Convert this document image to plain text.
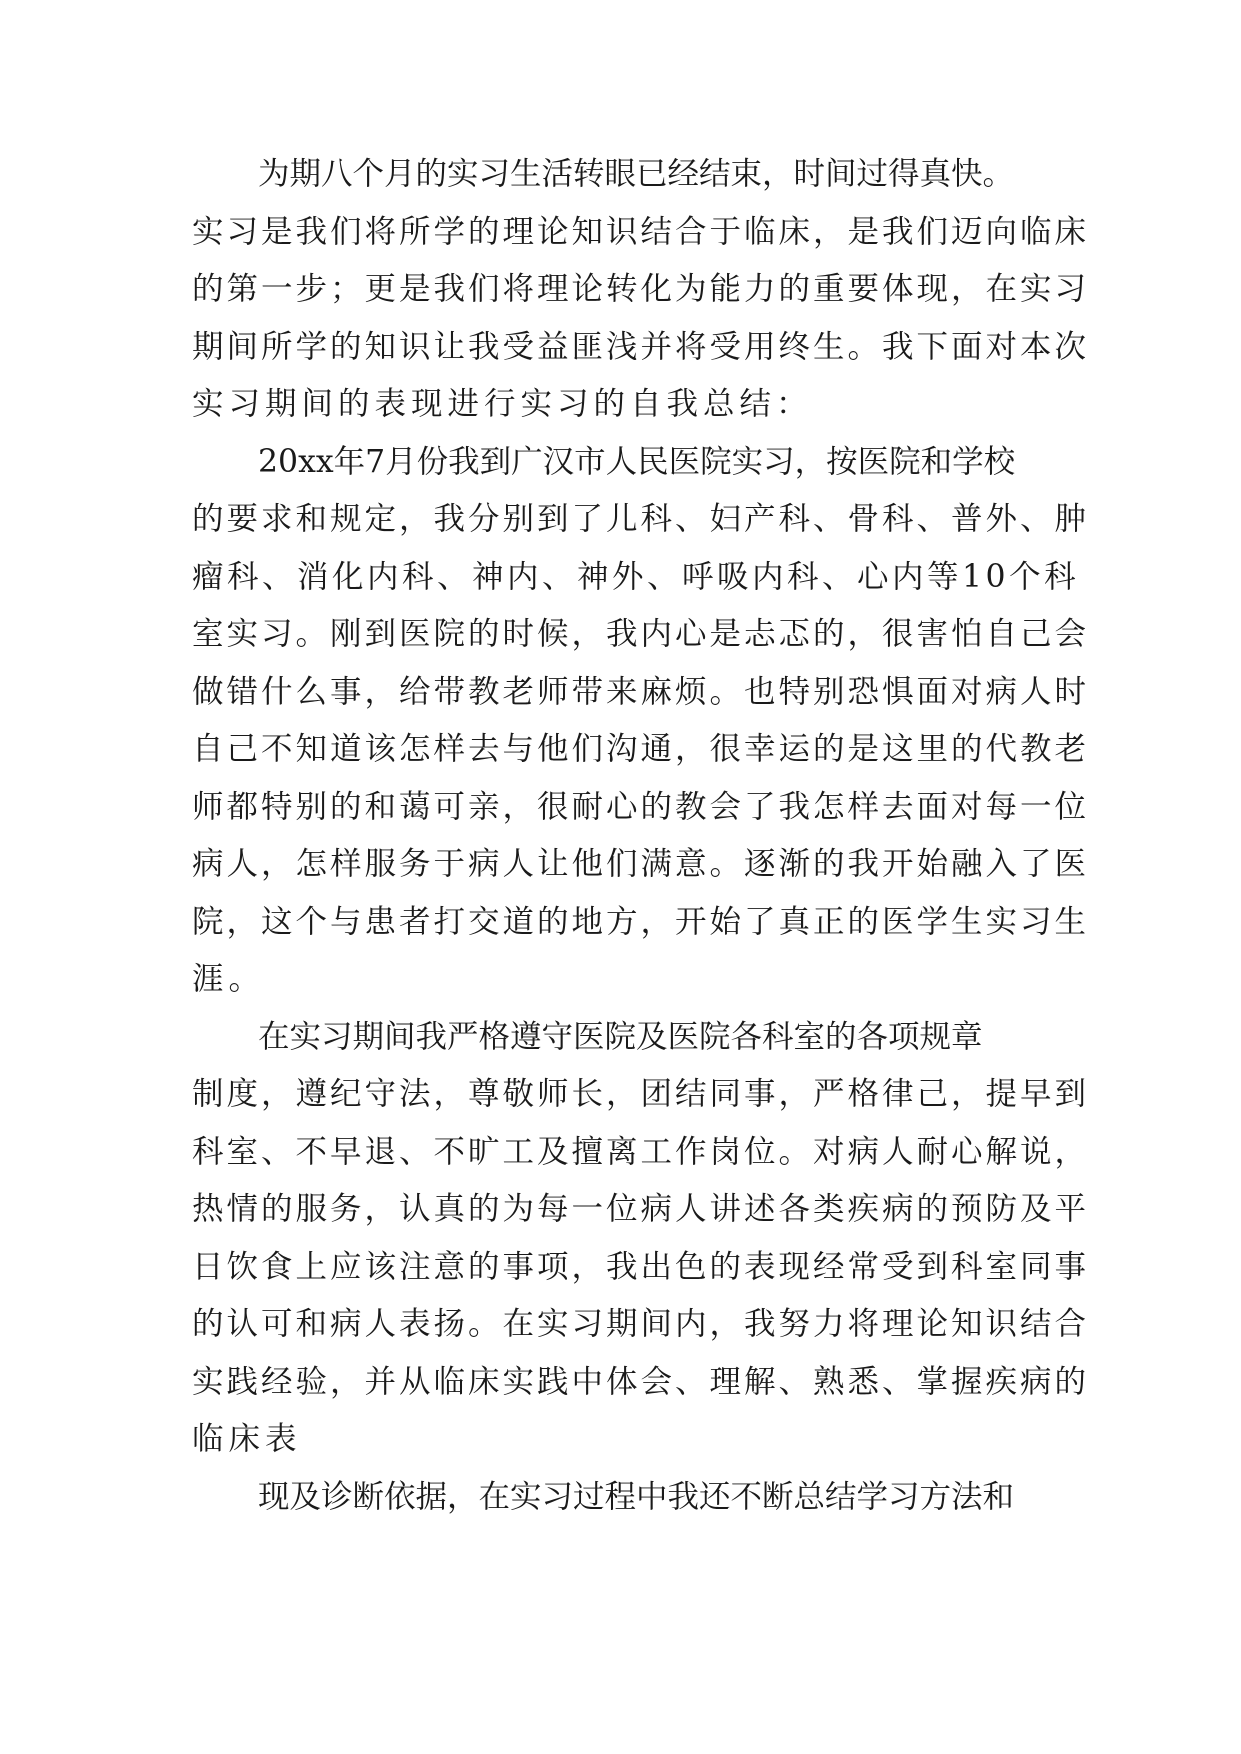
为期八个月的实习生活转眼已经结束，时间过得真快。
实习是我们将所学的理论知识结合于临床，是我们迈向临床
的第一步；更是我们将理论转化为能力的重要体现，在实习
期间所学的知识让我受益匪浅并将受用终生。我下面对本次
实习期间的表现进行实习的自我总结：
20xx年7月份我到广汉市人民医院实习，按医院和学校
的要求和规定，我分别到了儿科、妇产科、骨科、普外、肿
瘤科、消化内科、神内、神外、呼吸内科、心内等10个科
室实习。刚到医院的时候，我内心是忐忑的，很害怕自己会
做错什么事，给带教老师带来麻烦。也特别恐惧面对病人时
自己不知道该怎样去与他们沟通，很幸运的是这里的代教老
师都特别的和蔼可亲，很耐心的教会了我怎样去面对每一位
病人，怎样服务于病人让他们满意。逐渐的我开始融入了医
院，这个与患者打交道的地方，开始了真正的医学生实习生
涯。
在实习期间我严格遵守医院及医院各科室的各项规章
制度，遵纪守法，尊敬师长，团结同事，严格律己，提早到
科室、不早退、不旷工及擅离工作岗位。对病人耐心解说，
热情的服务，认真的为每一位病人讲述各类疾病的预防及平
日饮食上应该注意的事项，我出色的表现经常受到科室同事
的认可和病人表扬。在实习期间内，我努力将理论知识结合
实践经验，并从临床实践中体会、理解、熟悉、掌握疾病的
临床表
现及诊断依据，在实习过程中我还不断总结学习方法和
